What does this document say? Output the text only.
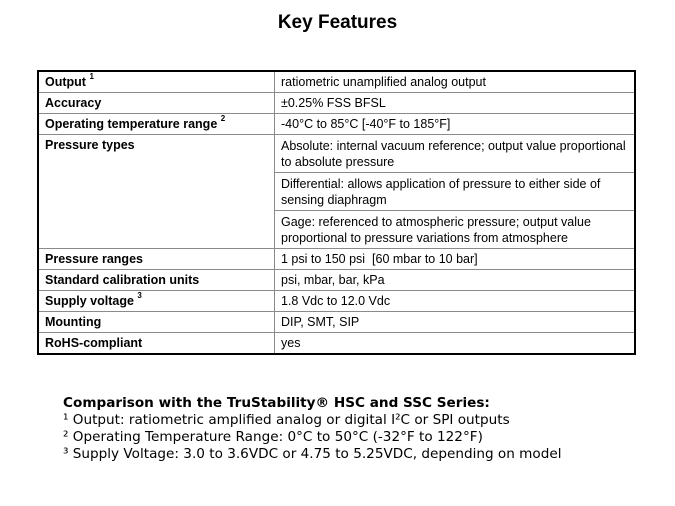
Key Features
Output $^1$	ratiometric unamplified analog output
Accuracy	±0.25% FSS BFSL
Operating temperature range $^2$	-40°C to 85°C [-40°F to 185°F]
Pressure types	Absolute: internal vacuum reference; output value proportional to absolute pressure
	Differential: allows application of pressure to either side of sensing diaphragm
	Gage: referenced to atmospheric pressure; output value proportional to pressure variations from atmosphere
Pressure ranges	1 psi to 150 psi  [60 mbar to 10 bar]
Standard calibration units	psi, mbar, bar, kPa
Supply voltage $^3$	1.8 Vdc to 12.0 Vdc
Mounting	DIP, SMT, SIP
RoHS-compliant	yes
Comparison with the TruStability® HSC and SSC Series:
¹ Output: ratiometric amplified analog or digital I²C or SPI outputs
² Operating Temperature Range: 0°C to 50°C (-32°F to 122°F)
³ Supply Voltage: 3.0 to 3.6VDC or 4.75 to 5.25VDC, depending on model
